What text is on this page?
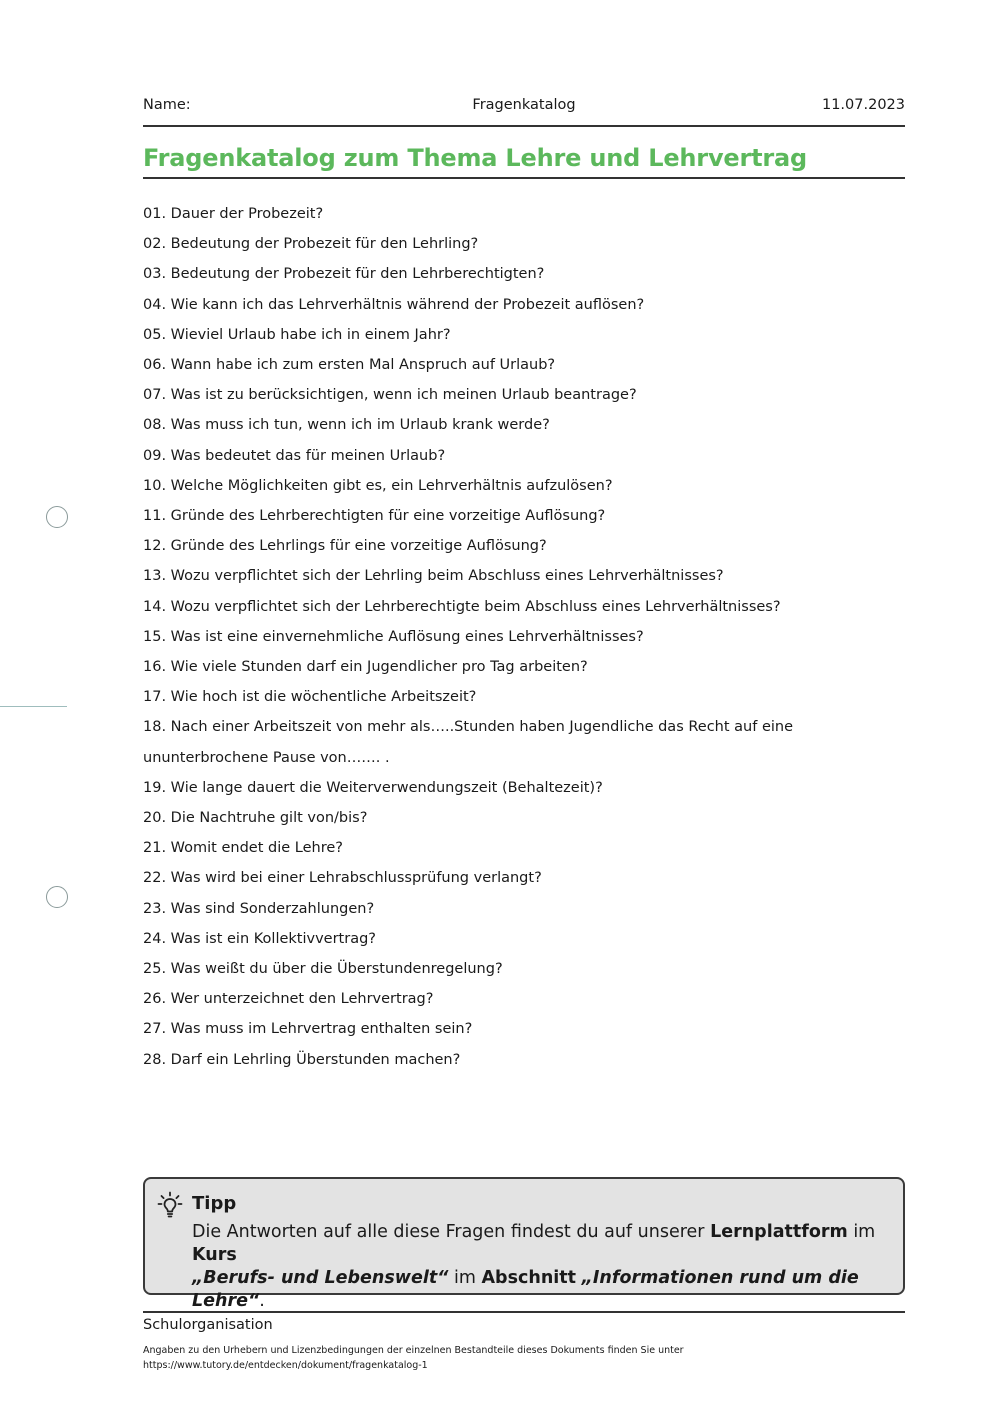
Name:	Fragenkatalog	11.07.2023
Fragenkatalog zum Thema Lehre und Lehrvertrag
01. Dauer der Probezeit?
02. Bedeutung der Probezeit für den Lehrling?
03. Bedeutung der Probezeit für den Lehrberechtigten?
04. Wie kann ich das Lehrverhältnis während der Probezeit auflösen?
05. Wieviel Urlaub habe ich in einem Jahr?
06. Wann habe ich zum ersten Mal Anspruch auf Urlaub?
07. Was ist zu berücksichtigen, wenn ich meinen Urlaub beantrage?
08. Was muss ich tun, wenn ich im Urlaub krank werde?
09. Was bedeutet das für meinen Urlaub?
10. Welche Möglichkeiten gibt es, ein Lehrverhältnis aufzulösen?
11. Gründe des Lehrberechtigten für eine vorzeitige Auflösung?
12. Gründe des Lehrlings für eine vorzeitige Auflösung?
13. Wozu verpflichtet sich der Lehrling beim Abschluss eines Lehrverhältnisses?
14. Wozu verpflichtet sich der Lehrberechtigte beim Abschluss eines Lehrverhältnisses?
15. Was ist eine einvernehmliche Auflösung eines Lehrverhältnisses?
16. Wie viele Stunden darf ein Jugendlicher pro Tag arbeiten?
17. Wie hoch ist die wöchentliche Arbeitszeit?
18. Nach einer Arbeitszeit von mehr als…..Stunden haben Jugendliche das Recht auf eine ununterbrochene Pause von……. .
19. Wie lange dauert die Weiterverwendungszeit (Behaltezeit)?
20. Die Nachtruhe gilt von/bis?
21. Womit endet die Lehre?
22. Was wird bei einer Lehrabschlussprüfung verlangt?
23. Was sind Sonderzahlungen?
24. Was ist ein Kollektivvertrag?
25. Was weißt du über die Überstundenregelung?
26. Wer unterzeichnet den Lehrvertrag?
27. Was muss im Lehrvertrag enthalten sein?
28. Darf ein Lehrling Überstunden machen?
Tipp
Die Antworten auf alle diese Fragen findest du auf unserer Lernplattform im Kurs
„Berufs- und Lebenswelt“ im Abschnitt „Informationen rund um die Lehre“.
Schulorganisation
Angaben zu den Urhebern und Lizenzbedingungen der einzelnen Bestandteile dieses Dokuments finden Sie unter
https://www.tutory.de/entdecken/dokument/fragenkatalog-1
